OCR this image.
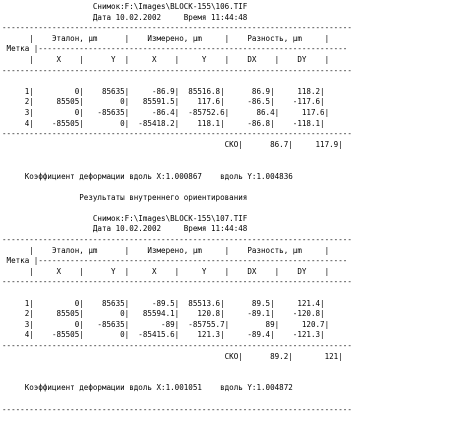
Снимок:F:\Images\BLOCK-155\106.TIF
Дата 10.02.2002     Время 11:44:48
-----------------------------------------------------------------------------
|    Эталон, µm      |    Измерено, µm     |    Разность, µm     |
Метка |--------------------------------------------------------------------
|     X    |      Y  |     X    |     Y    |    DX    |    DY    |
-----------------------------------------------------------------------------
1|         0|    85635|     -86.9|  85516.8|      86.9|     118.2|
2|     85505|        0|   85591.5|    117.6|     -86.5|    -117.6|
3|         0|   -85635|     -86.4|  -85752.6|      86.4|     117.6|
4|    -85505|        0|  -85418.2|    118.1|     -86.8|    -118.1|
-----------------------------------------------------------------------------
СКО|      86.7|     117.9|
Коэффициент деформации вдоль X:1.000867    вдоль Y:1.004836
Результаты внутреннего ориентирования
Снимок:F:\Images\BLOCK-155\107.TIF
Дата 10.02.2002     Время 11:44:48
-----------------------------------------------------------------------------
|    Эталон, µm      |    Измерено, µm     |    Разность, µm     |
Метка |--------------------------------------------------------------------
|     X    |      Y  |     X    |     Y    |    DX    |    DY    |
-----------------------------------------------------------------------------
1|         0|    85635|     -89.5|  85513.6|      89.5|     121.4|
2|     85505|        0|   85594.1|    120.8|     -89.1|    -120.8|
3|         0|   -85635|       -89|  -85755.7|        89|     120.7|
4|    -85505|        0|  -85415.6|    121.3|     -89.4|    -121.3|
-----------------------------------------------------------------------------
СКО|      89.2|       121|
Коэффициент деформации вдоль X:1.001051    вдоль Y:1.004872
-----------------------------------------------------------------------------
